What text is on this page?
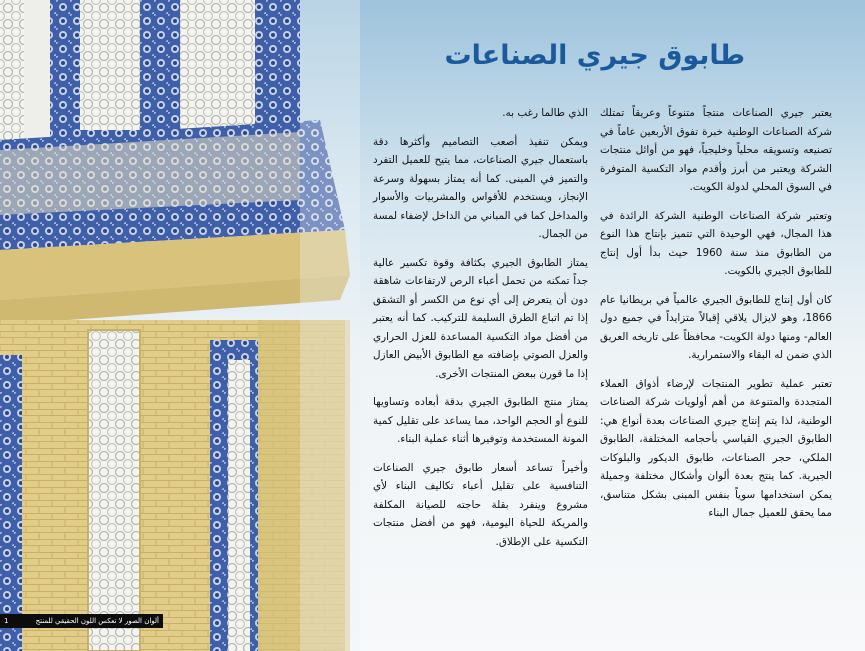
طابوق جيري الصناعات

يعتبر جيري الصناعات منتجاً متنوعاً وعريقاً تمتلك شركة الصناعات الوطنية خبرة تفوق الأربعين عاماً في تصنيعه وتسويقه محلياً وخليجياً، فهو من أوائل منتجات الشركة ويعتبر من أبرز وأقدم مواد التكسية المتوفرة في السوق المحلي لدولة الكويت.

وتعتبر شركة الصناعات الوطنية الشركة الرائدة في هذا المجال، فهي الوحيدة التي تتميز بإنتاج هذا النوع من الطابوق منذ سنة 1960 حيث بدأ أول إنتاج للطابوق الجيري بالكويت.

كان أول إنتاج للطابوق الجيري عالمياً في بريطانيا عام 1866، وهو لايزال يلاقي إقبالاً متزايداً في جميع دول العالم- ومنها دولة الكويت- محافظاً على تاريخه العريق الذي ضمن له البقاء والاستمرارية.

تعتبر عملية تطوير المنتجات لإرضاء أذواق العملاء المتجددة والمتنوعة من أهم أولويات شركة الصناعات الوطنية، لذا يتم إنتاج جيري الصناعات بعدة أنواع هي: الطابوق الجيري القياسي بأحجامه المختلفة، الطابوق الملكي، حجر الصناعات، طابوق الديكور والبلوكات الجيرية. كما ينتج بعدة ألوان وأشكال مختلفة وجميلة يمكن استخدامها سوياً بنفس المبنى بشكل متناسق، مما يحقق للعميل جمال البناء

الذي طالما رغب به.

ويمكن تنفيذ أصعب التصاميم وأكثرها دقة باستعمال جيري الصناعات، مما يتيح للعميل التفرد والتميز في المبنى. كما أنه يمتاز بسهولة وسرعة الإنجاز، ويستخدم للأقواس والمشربيات والأسوار والمداخل كما في المباني من الداخل لإضفاء لمسة من الجمال.

يمتاز الطابوق الجيري بكثافة وقوة تكسير عالية جداً تمكنه من تحمل أعباء الرص لارتفاعات شاهقة دون أن يتعرض إلى أي نوع من الكسر أو التشقق إذا تم اتباع الطرق السليمة للتركيب. كما أنه يعتبر من أفضل مواد التكسية المساعدة للعزل الحراري والعزل الصوتي بإضافته مع الطابوق الأبيض العازل إذا ما قورن ببعض المنتجات الأخرى.

يمتاز منتج الطابوق الجيري بدقة أبعاده وتساويها للنوع أو الحجم الواحد، مما يساعد على تقليل كمية المونة المستخدمة وتوفيرها أثناء عملية البناء.

وأخيراً تساعد أسعار طابوق جيري الصناعات التنافسية على تقليل أعباء تكاليف البناء لأي مشروع وينفرد بقلة حاجته للصيانة المكلفة والمريكة للحياة اليومية، فهو من أفضل منتجات التكسية على الإطلاق.

ألوان الصور لا تعكس اللون الحقيقي للمنتج
1
